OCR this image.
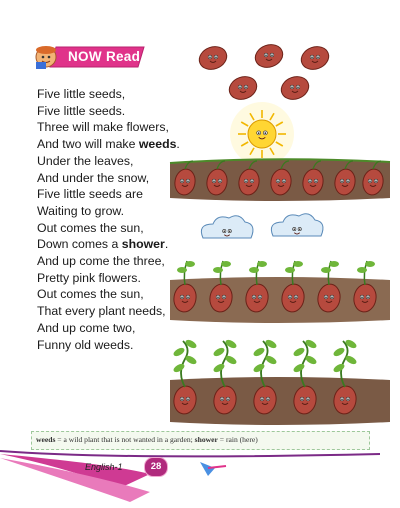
NOW Read
Five little seeds,
Five little seeds.
Three will make flowers,
And two will make weeds.
Under the leaves,
And under the snow,
Five little seeds are
Waiting to grow.
Out comes the sun,
Down comes a shower.
And up come the three,
Pretty pink flowers.
Out comes the sun,
That every plant needs,
And up come two,
Funny old weeds.
weeds = a wild plant that is not wanted in a garden; shower = rain (here)
English-1	28
